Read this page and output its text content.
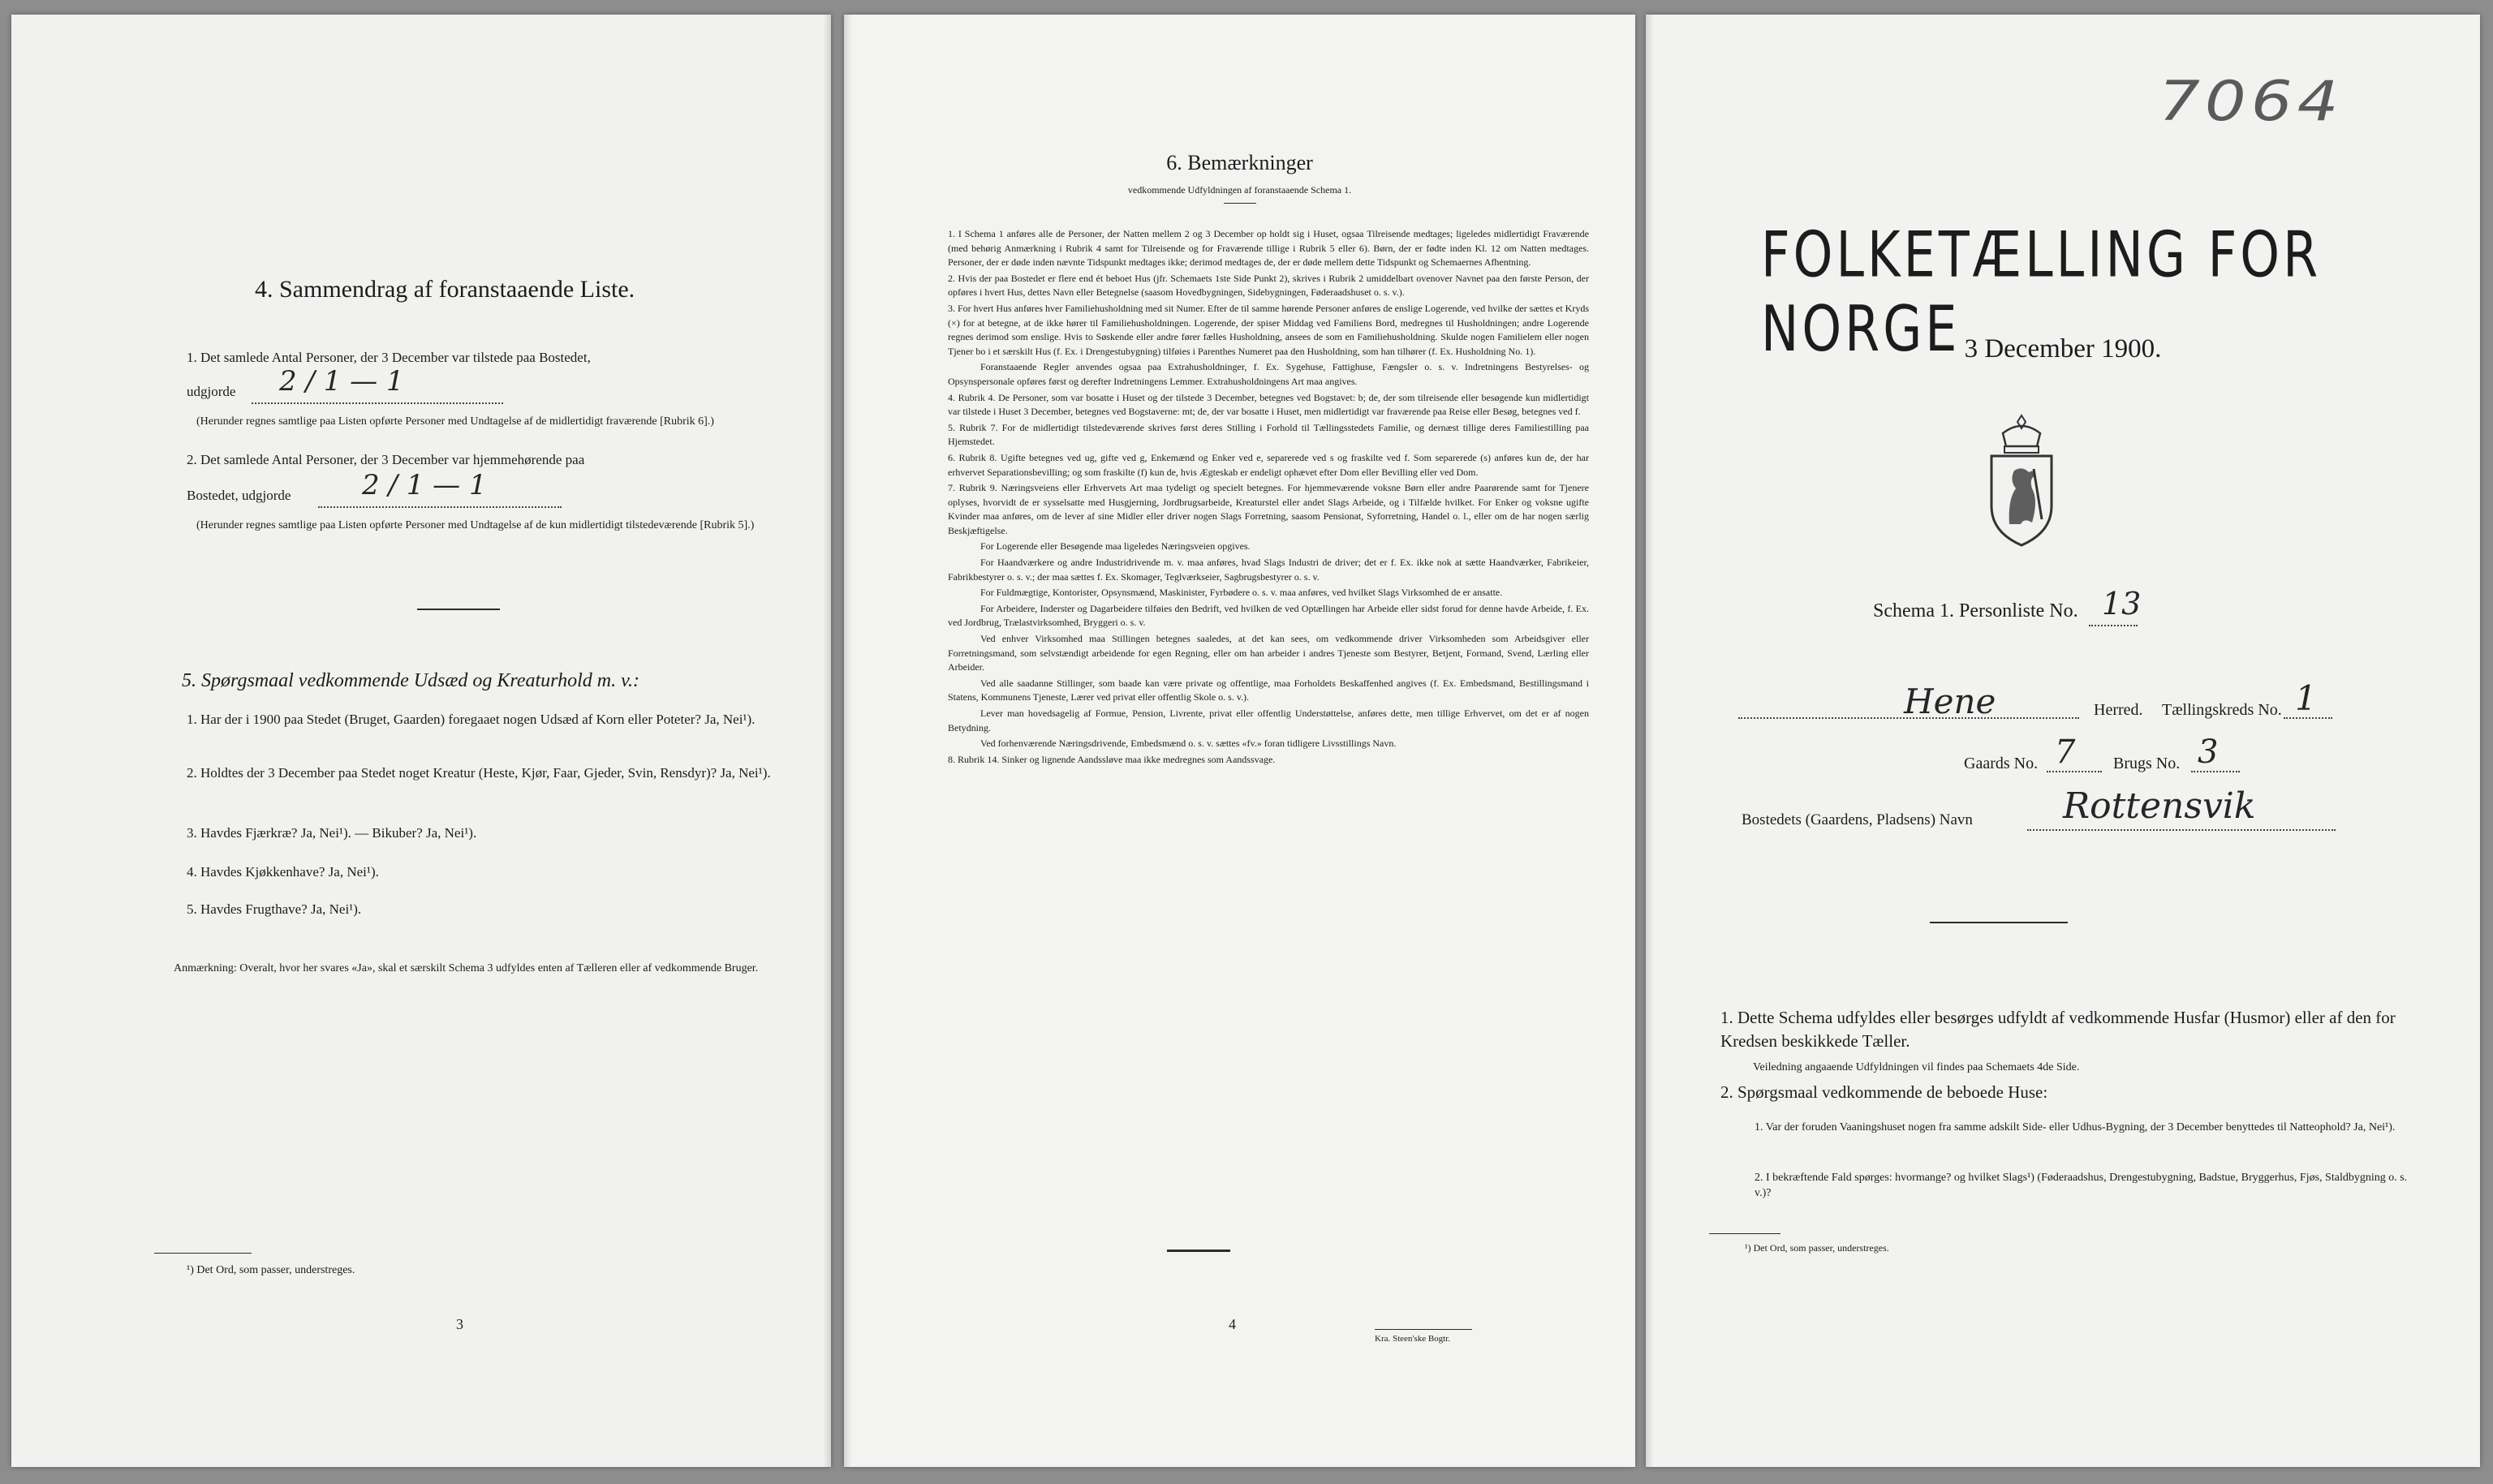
4. Sammendrag af foranstaaende Liste.
1. Det samlede Antal Personer, der 3 December var tilstede paa Bostedet,
udgjorde 2 / 1 — 1
(Herunder regnes samtlige paa Listen opførte Personer med Undtagelse af de midlertidigt fraværende [Rubrik 6].)
2. Det samlede Antal Personer, der 3 December var hjemmehørende paa
Bostedet, udgjorde	2 / 1 — 1
(Herunder regnes samtlige paa Listen opførte Personer med Undtagelse af de kun midlertidigt tilstedeværende [Rubrik 5].)
5. Spørgsmaal vedkommende Udsæd og Kreaturhold m. v.:
1. Har der i 1900 paa Stedet (Bruget, Gaarden) foregaaet nogen Udsæd af Korn eller Poteter? Ja, Nei¹).
2. Holdtes der 3 December paa Stedet noget Kreatur (Heste, Kjør, Faar, Gjeder, Svin, Rensdyr)? Ja, Nei¹).
3. Havdes Fjærkræ? Ja, Nei¹). — Bikuber? Ja, Nei¹).
4. Havdes Kjøkkenhave? Ja, Nei¹).
5. Havdes Frugthave? Ja, Nei¹).
Anmærkning: Overalt, hvor her svares «Ja», skal et særskilt Schema 3 udfyldes enten af Tælleren eller af vedkommende Bruger.
¹) Det Ord, som passer, understreges.
3
6. Bemærkninger
vedkommende Udfyldningen af foranstaaende Schema 1.
1. I Schema 1 anføres alle de Personer, der Natten mellem 2 og 3 December op holdt sig i Huset, ogsaa Tilreisende medtages; ligeledes midlertidigt Fraværende (med behørig Anmærkning i Rubrik 4 samt for Tilreisende og for Fraværende tillige i Rubrik 5 eller 6). Børn, der er fødte inden Kl. 12 om Natten medtages. Personer, der er døde inden nævnte Tidspunkt medtages ikke; derimod medtages de, der er døde mellem dette Tidspunkt og Schemaernes Afhentning.
2. Hvis der paa Bostedet er flere end ét beboet Hus (jfr. Schemaets 1ste Side Punkt 2), skrives i Rubrik 2 umiddelbart ovenover Navnet paa den første Person, der opføres i hvert Hus, dettes Navn eller Betegnelse (saasom Hovedbygningen, Sidebygningen, Føderaadshuset o. s. v.).
3. For hvert Hus anføres hver Familiehusholdning med sit Numer. Efter de til samme hørende Personer anføres de enslige Logerende, ved hvilke der sættes et Kryds (×) for at betegne, at de ikke hører til Familiehusholdningen. Logerende, der spiser Middag ved Familiens Bord, medregnes til Husholdningen; andre Logerende regnes derimod som enslige. Hvis to Søskende eller andre fører fælles Husholdning, ansees de som en Familiehusholdning. Skulde nogen Familielem eller nogen Tjener bo i et særskilt Hus (f. Ex. i Drengestubygning) tilføies i Parenthes Numeret paa den Husholdning, som han tilhører (f. Ex. Husholdning No. 1).
Foranstaaende Regler anvendes ogsaa paa Extrahusholdninger, f. Ex. Sygehuse, Fattighuse, Fængsler o. s. v. Indretningens Bestyrelses- og Opsynspersonale opføres først og derefter Indretningens Lemmer. Extrahusholdningens Art maa angives.
4. Rubrik 4. De Personer, som var bosatte i Huset og der tilstede 3 December, betegnes ved Bogstavet: b; de, der som tilreisende eller besøgende kun midlertidigt var tilstede i Huset 3 December, betegnes ved Bogstaverne: mt; de, der var bosatte i Huset, men midlertidigt var fraværende paa Reise eller Besøg, betegnes ved f.
5. Rubrik 7. For de midlertidigt tilstedeværende skrives først deres Stilling i Forhold til Tællingsstedets Familie, og dernæst tillige deres Familiestilling paa Hjemstedet.
6. Rubrik 8. Ugifte betegnes ved ug, gifte ved g, Enkemænd og Enker ved e, separerede ved s og fraskilte ved f. Som separerede (s) anføres kun de, der har erhvervet Separationsbevilling; og som fraskilte (f) kun de, hvis Ægteskab er endeligt ophævet efter Dom eller Bevilling eller ved Dom.
7. Rubrik 9. Næringsveiens eller Erhvervets Art maa tydeligt og specielt betegnes. For hjemmeværende voksne Børn eller andre Paarørende samt for Tjenere oplyses, hvorvidt de er sysselsatte med Husgjerning, Jordbrugsarbeide, Kreaturstel eller andet Slags Arbeide, og i Tilfælde hvilket. For Enker og voksne ugifte Kvinder maa anføres, om de lever af sine Midler eller driver nogen Slags Forretning, saasom Pensionat, Syforretning, Handel o. l., eller om de har nogen særlig Beskjæftigelse.
For Logerende eller Besøgende maa ligeledes Næringsveien opgives.
For Haandværkere og andre Industridrivende m. v. maa anføres, hvad Slags Industri de driver; det er f. Ex. ikke nok at sætte Haandværker, Fabrikeier, Fabrikbestyrer o. s. v.; der maa sættes f. Ex. Skomager, Teglværkseier, Sagbrugsbestyrer o. s. v.
For Fuldmægtige, Kontorister, Opsynsmænd, Maskinister, Fyrbødere o. s. v. maa anføres, ved hvilket Slags Virksomhed de er ansatte.
For Arbeidere, Inderster og Dagarbeidere tilføies den Bedrift, ved hvilken de ved Optællingen har Arbeide eller sidst forud for denne havde Arbeide, f. Ex. ved Jordbrug, Trælastvirksomhed, Bryggeri o. s. v.
Ved enhver Virksomhed maa Stillingen betegnes saaledes, at det kan sees, om vedkommende driver Virksomheden som Arbeidsgiver eller Forretningsmand, som selvstændigt arbeidende for egen Regning, eller om han arbeider i andres Tjeneste som Bestyrer, Betjent, Formand, Svend, Lærling eller Arbeider.
Ved alle saadanne Stillinger, som baade kan være private og offentlige, maa Forholdets Beskaffenhed angives (f. Ex. Embedsmand, Bestillingsmand i Statens, Kommunens Tjeneste, Lærer ved privat eller offentlig Skole o. s. v.).
Lever man hovedsagelig af Formue, Pension, Livrente, privat eller offentlig Understøttelse, anføres dette, men tillige Erhvervet, om det er af nogen Betydning.
Ved forhenværende Næringsdrivende, Embedsmænd o. s. v. sættes «fv.» foran tidligere Livsstillings Navn.
8. Rubrik 14. Sinker og lignende Aandssløve maa ikke medregnes som Aandssvage.
4
Kra. Steen'ske Bogtr.
7064
FOLKETÆLLING FOR NORGE 3 December 1900.
Schema 1. Personliste No. 13
Hene	Herred. Tællingskreds No. 1
Gaards No. 7 Brugs No. 3
Bostedets (Gaardens, Pladsens) Navn	Rottensvik
1. Dette Schema udfyldes eller besørges udfyldt af vedkommende Husfar (Husmor) eller af den for Kredsen beskikkede Tæller.
Veiledning angaaende Udfyldningen vil findes paa Schemaets 4de Side.
2. Spørgsmaal vedkommende de beboede Huse:
1. Var der foruden Vaaningshuset nogen fra samme adskilt Side- eller Udhus-Bygning, der 3 December benyttedes til Natteophold? Ja, Nei¹).
2. I bekræftende Fald spørges: hvormange? og hvilket Slags¹) (Føderaadshus, Drengestubygning, Badstue, Bryggerhus, Fjøs, Staldbygning o. s. v.)?
¹) Det Ord, som passer, understreges.
